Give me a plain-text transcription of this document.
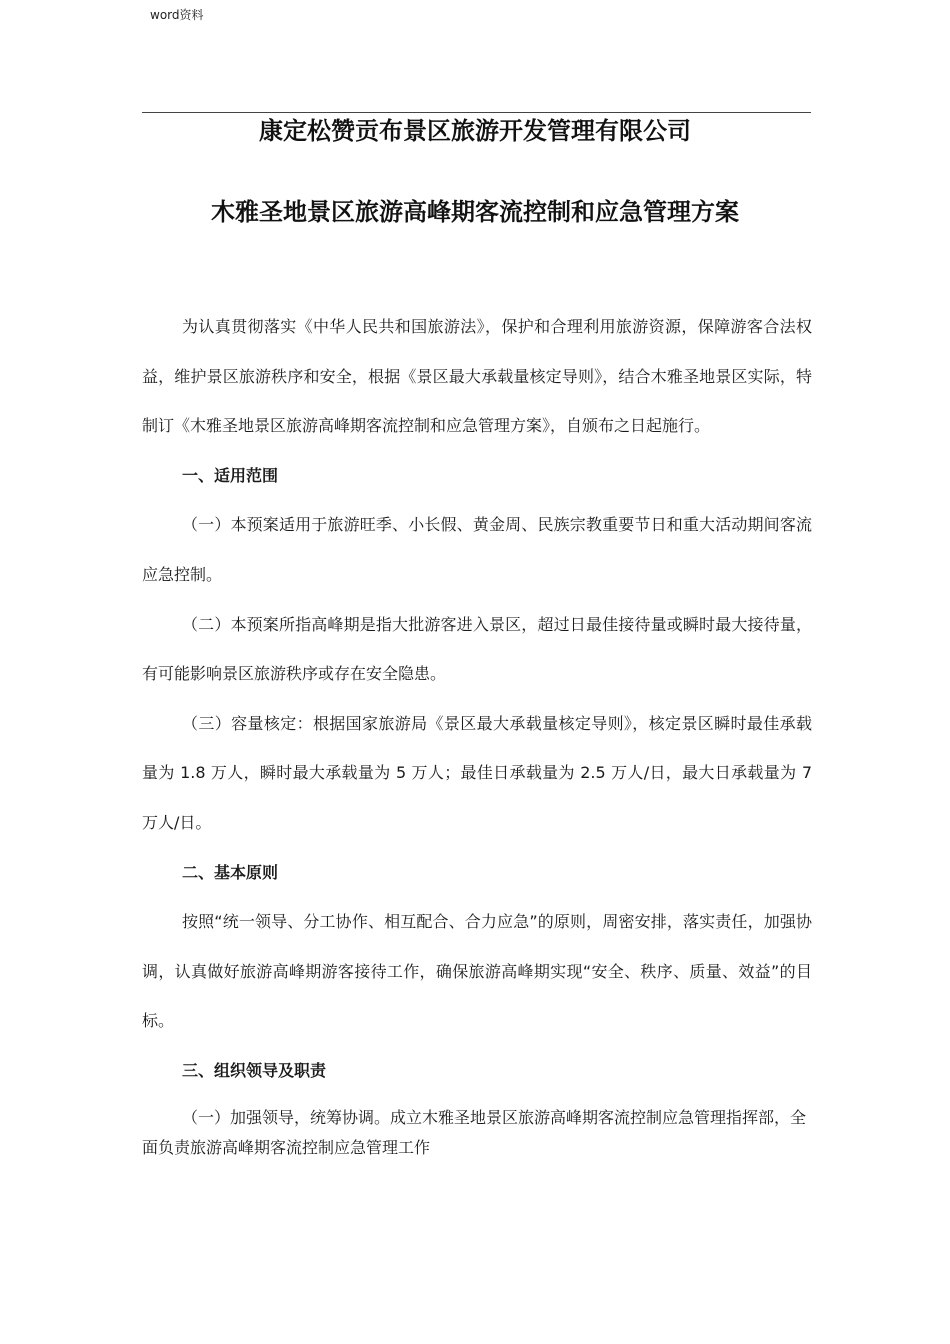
word资料
康定松赞贡布景区旅游开发管理有限公司
木雅圣地景区旅游高峰期客流控制和应急管理方案

为认真贯彻落实《中华人民共和国旅游法》，保护和合理利用旅游资源，保障游客合法权益，维护景区旅游秩序和安全，根据《景区最大承载量核定导则》，结合木雅圣地景区实际，特制订《木雅圣地景区旅游高峰期客流控制和应急管理方案》，自颁布之日起施行。

一、适用范围

（一）本预案适用于旅游旺季、小长假、黄金周、民族宗教重要节日和重大活动期间客流应急控制。

（二）本预案所指高峰期是指大批游客进入景区，超过日最佳接待量或瞬时最大接待量，有可能影响景区旅游秩序或存在安全隐患。

（三）容量核定：根据国家旅游局《景区最大承载量核定导则》，核定景区瞬时最佳承载量为 1.8 万人，瞬时最大承载量为 5 万人；最佳日承载量为 2.5 万人/日，最大日承载量为 7 万人/日。

二、基本原则

按照“统一领导、分工协作、相互配合、合力应急”的原则，周密安排，落实责任，加强协调，认真做好旅游高峰期游客接待工作，确保旅游高峰期实现“安全、秩序、质量、效益”的目标。

三、组织领导及职责

（一）加强领导，统筹协调。成立木雅圣地景区旅游高峰期客流控制应急管理指挥部，全面负责旅游高峰期客流控制应急管理工作
